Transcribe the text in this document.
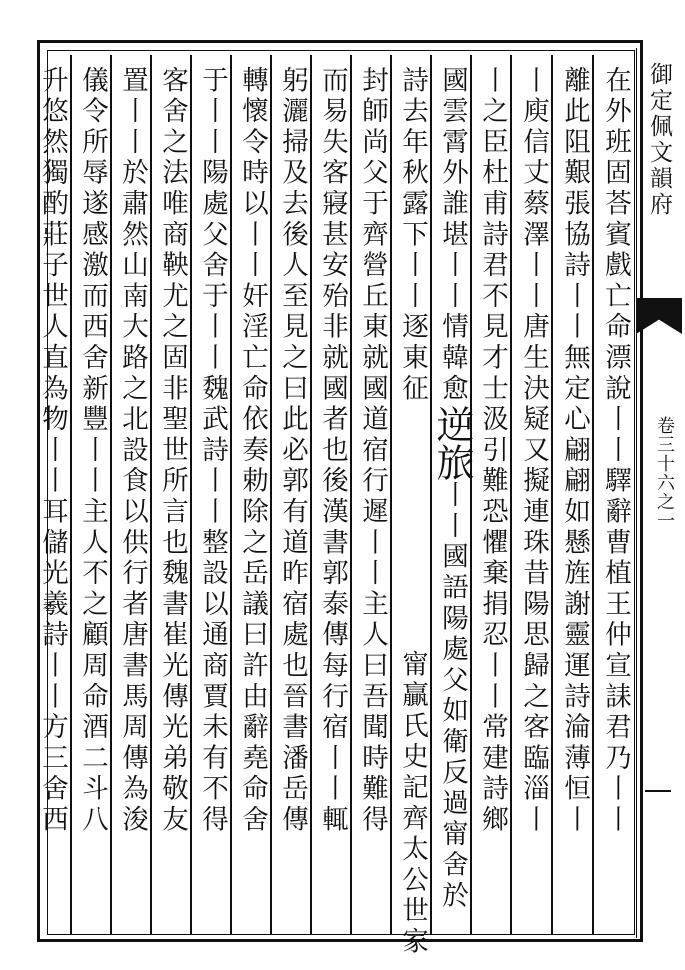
御定佩文韻府
卷三十六之一
在外班固荅賓戲亡命漂說丨丨驛辭曹植王仲宣誄君乃丨丨
離此阻艱張協詩丨丨無定心翩翩如懸旌謝靈運詩淪薄恒丨
丨庾信丈蔡澤丨丨唐生決疑又擬連珠昔陽思歸之客臨淄丨
丨之臣杜甫詩君不見才士汲引難恐懼棄捐忍丨丨常建詩鄉
國雲霄外誰堪丨丨情韓愈逆旅丨丨國語陽處父如衛反過甯舍於
甯贏氏史記齊太公世家
詩去年秋露下丨丨逐東征
封師尚父于齊營丘東就國道宿行遲丨丨主人曰吾聞時難得
而易失客寢甚安殆非就國者也後漢書郭泰傳每行宿丨丨輒
躬灑掃及去後人至見之曰此必郭有道昨宿處也晉書潘岳傳
轉懷令時以丨丨奸淫亡命依奏勅除之岳議曰許由辭堯命舍
于丨丨陽處父舍于丨丨魏武詩丨丨整設以通商賈未有不得
客舍之法唯商鞅尤之固非聖世所言也魏書崔光傳光弟敬友
置丨丨於肅然山南大路之北設食以供行者唐書馬周傳為浚
儀令所辱遂感激而西舍新豐丨丨主人不之顧周命酒二斗八
升悠然獨酌莊子世人直為物丨丨耳儲光羲詩丨丨方三舍西
